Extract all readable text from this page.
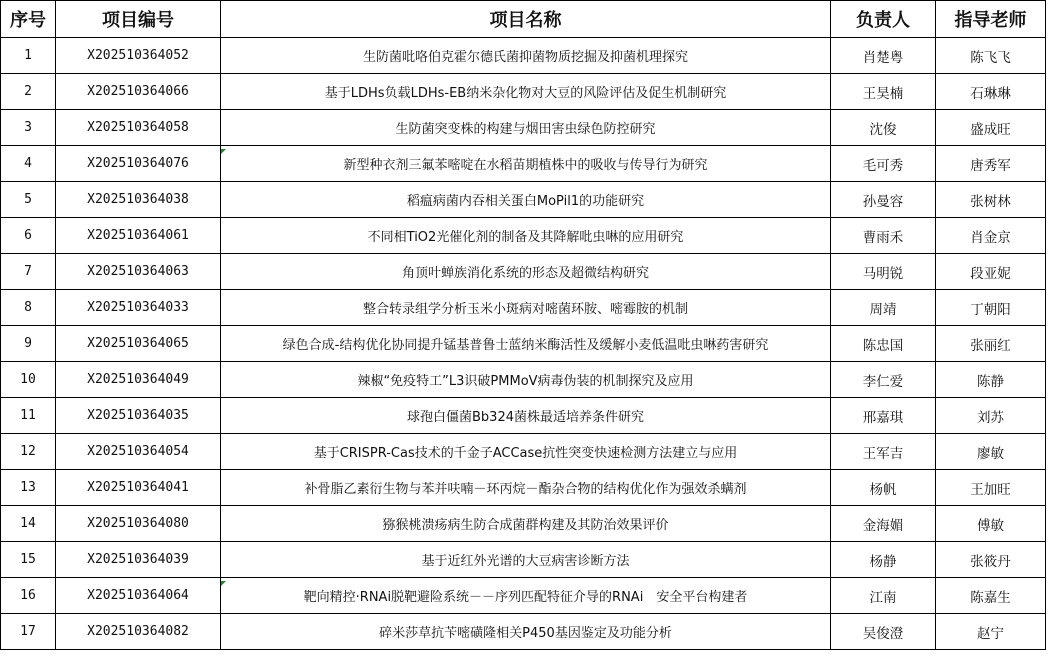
序号	项目编号	项目名称	负责人	指导老师
1	X202510364052	生防菌吡咯伯克霍尔德氏菌抑菌物质挖掘及抑菌机理探究	肖楚粤	陈飞飞
2	X202510364066	基于LDHs负载LDHs-EB纳米杂化物对大豆的风险评估及促生机制研究	王昊楠	石琳琳
3	X202510364058	生防菌突变株的构建与烟田害虫绿色防控研究	沈俊	盛成旺
4	X202510364076	新型种衣剂三氟苯嘧啶在水稻苗期植株中的吸收与传导行为研究	毛可秀	唐秀军
5	X202510364038	稻瘟病菌内吞相关蛋白MoPil1的功能研究	孙曼容	张树林
6	X202510364061	不同相TiO2光催化剂的制备及其降解吡虫啉的应用研究	曹雨禾	肖金京
7	X202510364063	角顶叶蝉族消化系统的形态及超微结构研究	马明锐	段亚妮
8	X202510364033	整合转录组学分析玉米小斑病对嘧菌环胺、嘧霉胺的机制	周靖	丁朝阳
9	X202510364065	绿色合成-结构优化协同提升锰基普鲁士蓝纳米酶活性及缓解小麦低温吡虫啉药害研究	陈忠国	张丽红
10	X202510364049	辣椒“免疫特工”L3识破PMMoV病毒伪装的机制探究及应用	李仁爱	陈静
11	X202510364035	球孢白僵菌Bb324菌株最适培养条件研究	邢嘉琪	刘苏
12	X202510364054	基于CRISPR-Cas技术的千金子ACCase抗性突变快速检测方法建立与应用	王军吉	廖敏
13	X202510364041	补骨脂乙素衍生物与苯并呋喃－环丙烷－酯杂合物的结构优化作为强效杀螨剂	杨帆	王加旺
14	X202510364080	猕猴桃溃疡病生防合成菌群构建及其防治效果评价	金海媚	傅敏
15	X202510364039	基于近红外光谱的大豆病害诊断方法	杨静	张筱丹
16	X202510364064	靶向精控·RNAi脱靶避险系统－－序列匹配特征介导的RNAi　安全平台构建者	江南	陈嘉生
17	X202510364082	碎米莎草抗苄嘧磺隆相关P450基因鉴定及功能分析	吴俊澄	赵宁
